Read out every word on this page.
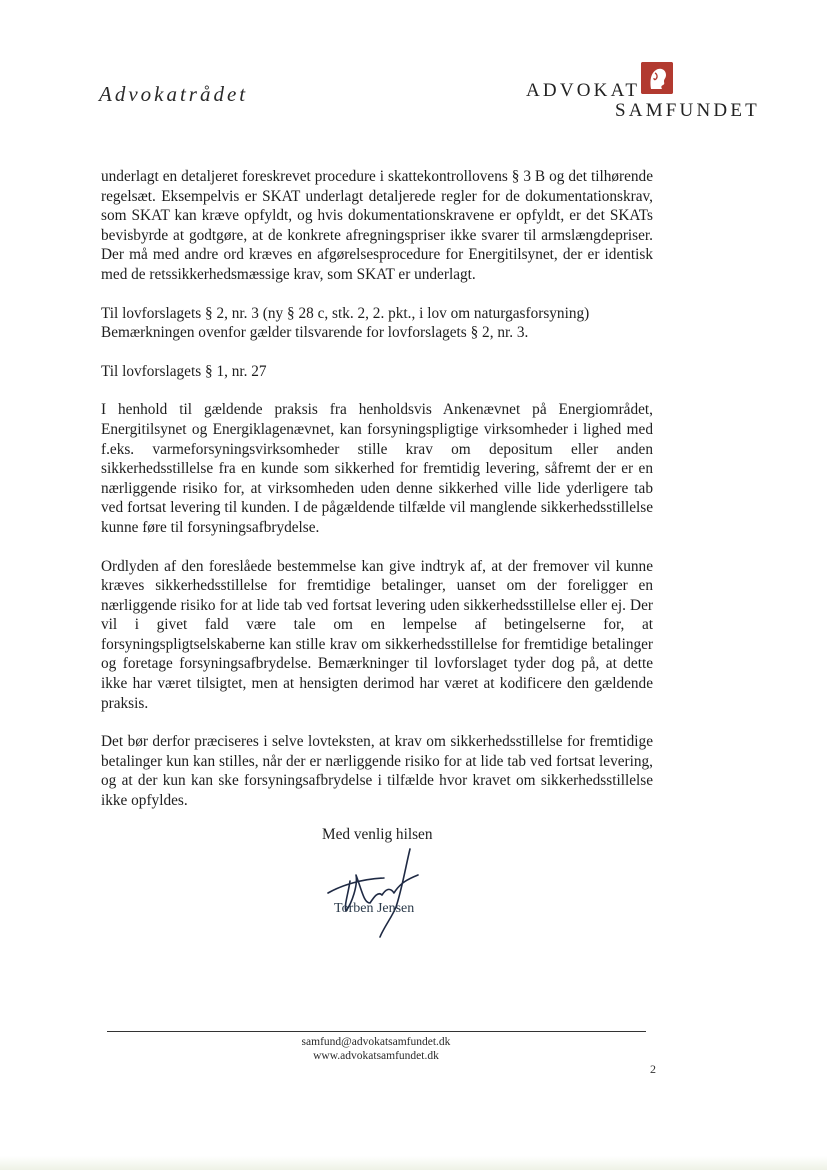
Advokatrådet	ADVOKAT
SAMFUNDET

underlagt en detaljeret foreskrevet procedure i skattekontrollovens § 3 B og det tilhørende regelsæt. Eksempelvis er SKAT underlagt detaljerede regler for de dokumentationskrav, som SKAT kan kræve opfyldt, og hvis dokumentationskravene er opfyldt, er det SKATs bevisbyrde at godtgøre, at de konkrete afregningspriser ikke svarer til armslængdepriser. Der må med andre ord kræves en afgørelsesprocedure for Energitilsynet, der er identisk med de retssikkerhedsmæssige krav, som SKAT er underlagt.

Til lovforslagets § 2, nr. 3 (ny § 28 c, stk. 2, 2. pkt., i lov om naturgasforsyning) Bemærkningen ovenfor gælder tilsvarende for lovforslagets § 2, nr. 3.

Til lovforslagets § 1, nr. 27

I henhold til gældende praksis fra henholdsvis Ankenævnet på Energiområdet, Energitilsynet og Energiklagenævnet, kan forsyningspligtige virksomheder i lighed med f.eks. varmeforsyningsvirksomheder stille krav om depositum eller anden sikkerhedsstillelse fra en kunde som sikkerhed for fremtidig levering, såfremt der er en nærliggende risiko for, at virksomheden uden denne sikkerhed ville lide yderligere tab ved fortsat levering til kunden. I de pågældende tilfælde vil manglende sikkerhedsstillelse kunne føre til forsyningsafbrydelse.

Ordlyden af den foreslåede bestemmelse kan give indtryk af, at der fremover vil kunne kræves sikkerhedsstillelse for fremtidige betalinger, uanset om der foreligger en nærliggende risiko for at lide tab ved fortsat levering uden sikkerhedsstillelse eller ej. Der vil i givet fald være tale om en lempelse af betingelserne for, at forsyningspligtselskaberne kan stille krav om sikkerhedsstillelse for fremtidige betalinger og foretage forsyningsafbrydelse. Bemærkninger til lovforslaget tyder dog på, at dette ikke har været tilsigtet, men at hensigten derimod har været at kodificere den gældende praksis.

Det bør derfor præciseres i selve lovteksten, at krav om sikkerhedsstillelse for fremtidige betalinger kun kan stilles, når der er nærliggende risiko for at lide tab ved fortsat levering, og at der kun kan ske forsyningsafbrydelse i tilfælde hvor kravet om sikkerhedsstillelse ikke opfyldes.

Med venlig hilsen
Torben Jensen
samfund@advokatsamfundet.dk
www.advokatsamfundet.dk
2
